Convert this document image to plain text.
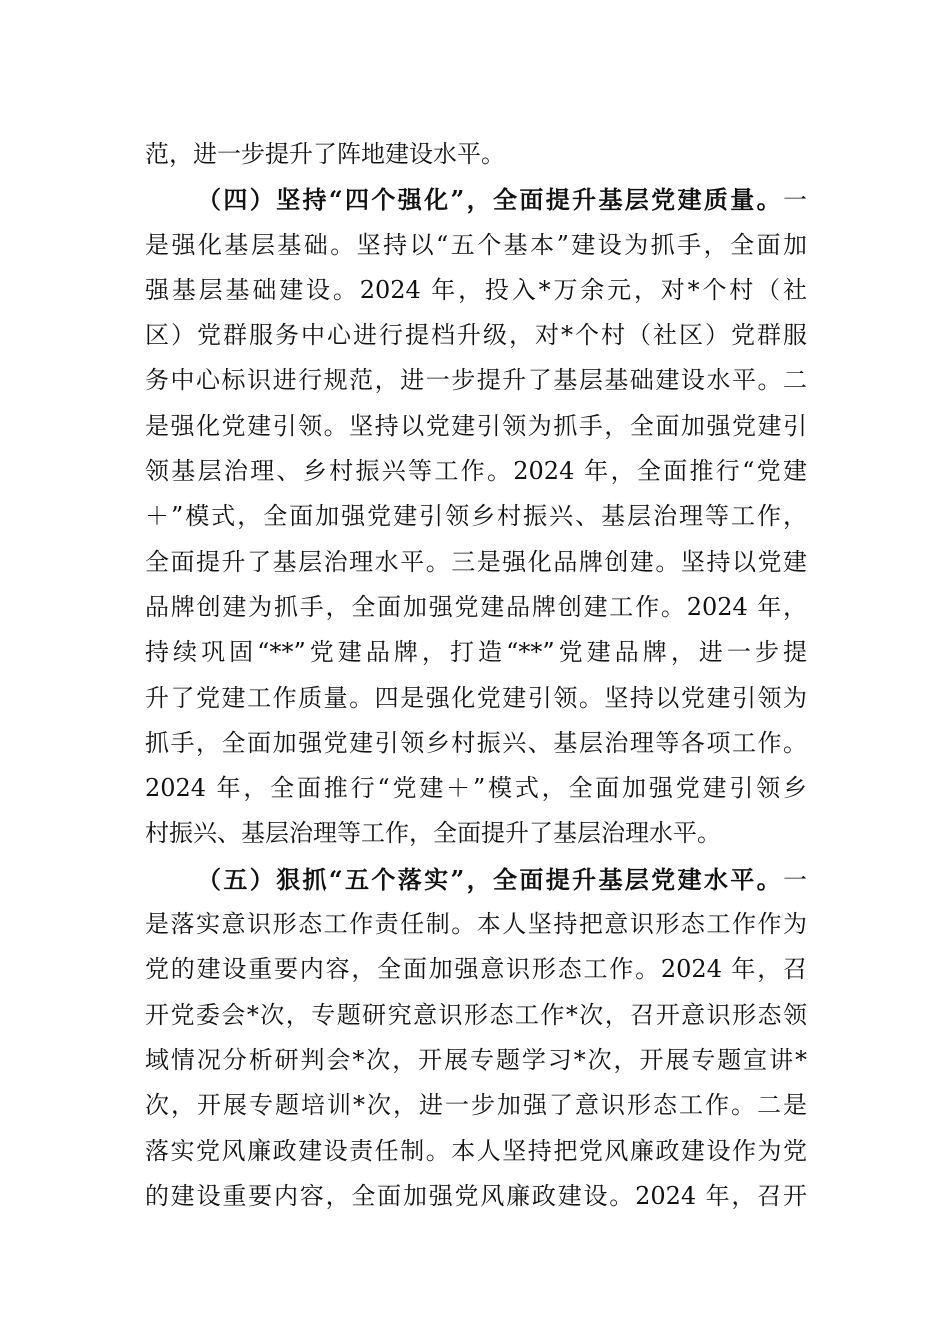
范，进一步提升了阵地建设水平。
（四）坚持“四个强化”，全面提升基层党建质量。一
是强化基层基础。坚持以“五个基本”建设为抓手，全面加
强基层基础建设。2024 年，投入*万余元，对*个村（社
区）党群服务中心进行提档升级，对*个村（社区）党群服
务中心标识进行规范，进一步提升了基层基础建设水平。二
是强化党建引领。坚持以党建引领为抓手，全面加强党建引
领基层治理、乡村振兴等工作。2024 年，全面推行“党建
＋”模式，全面加强党建引领乡村振兴、基层治理等工作，
全面提升了基层治理水平。三是强化品牌创建。坚持以党建
品牌创建为抓手，全面加强党建品牌创建工作。2024 年，
持续巩固“**”党建品牌，打造“**”党建品牌，进一步提
升了党建工作质量。四是强化党建引领。坚持以党建引领为
抓手，全面加强党建引领乡村振兴、基层治理等各项工作。
2024 年，全面推行“党建＋”模式，全面加强党建引领乡
村振兴、基层治理等工作，全面提升了基层治理水平。
（五）狠抓“五个落实”，全面提升基层党建水平。一
是落实意识形态工作责任制。本人坚持把意识形态工作作为
党的建设重要内容，全面加强意识形态工作。2024 年，召
开党委会*次，专题研究意识形态工作*次，召开意识形态领
域情况分析研判会*次，开展专题学习*次，开展专题宣讲*
次，开展专题培训*次，进一步加强了意识形态工作。二是
落实党风廉政建设责任制。本人坚持把党风廉政建设作为党
的建设重要内容，全面加强党风廉政建设。2024 年，召开
